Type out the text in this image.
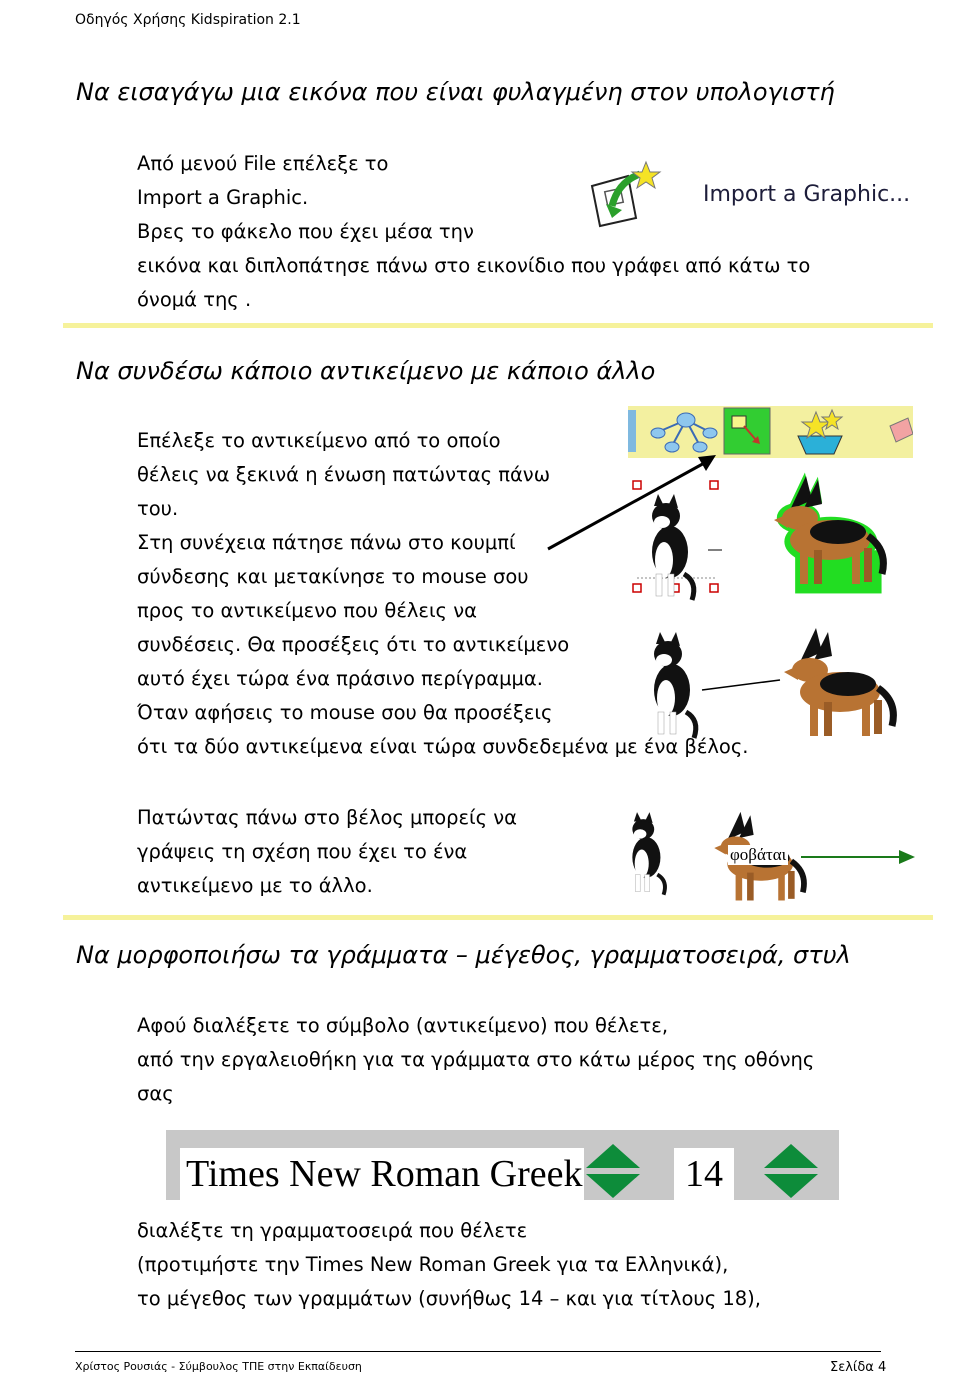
Οδηγός Χρήσης Kidspiration 2.1
Να εισαγάγω μια εικόνα που είναι φυλαγμένη στον υπολογιστή
Από μενού File επέλεξε το
Import a Graphic.
Βρες το φάκελο που έχει μέσα την
εικόνα και διπλοπάτησε πάνω στο εικονίδιο που γράφει από κάτω το
όνομά της .
Import a Graphic...
Να συνδέσω κάποιο αντικείμενο με κάποιο άλλο
Επέλεξε το αντικείμενο από το οποίο
θέλεις να ξεκινά η ένωση πατώντας πάνω
του.
Στη συνέχεια πάτησε πάνω στο κουμπί
σύνδεσης και μετακίνησε το mouse σου
προς το αντικείμενο που θέλεις να
συνδέσεις. Θα προσέξεις ότι το αντικείμενο
αυτό έχει τώρα ένα πράσινο περίγραμμα.
Όταν αφήσεις το mouse σου θα προσέξεις
ότι τα δύο αντικείμενα είναι τώρα συνδεδεμένα με ένα βέλος.
Πατώντας πάνω στο βέλος μπορείς να
γράψεις τη σχέση που έχει το ένα
αντικείμενο με το άλλο.
φοβάται
Να μορφοποιήσω τα γράμματα – μέγεθος, γραμματοσειρά, στυλ
Αφού διαλέξετε το σύμβολο (αντικείμενο) που θέλετε,
από την εργαλειοθήκη για τα γράμματα στο κάτω μέρος της οθόνης
σας
Times New Roman Greek	14
διαλέξτε τη γραμματοσειρά που θέλετε
(προτιμήστε την Times New Roman Greek για τα Ελληνικά),
το μέγεθος των γραμμάτων (συνήθως 14 – και για τίτλους 18),
Χρίστος Ρουσιάς - Σύμβουλος ΤΠΕ στην Εκπαίδευση	Σελίδα 4
